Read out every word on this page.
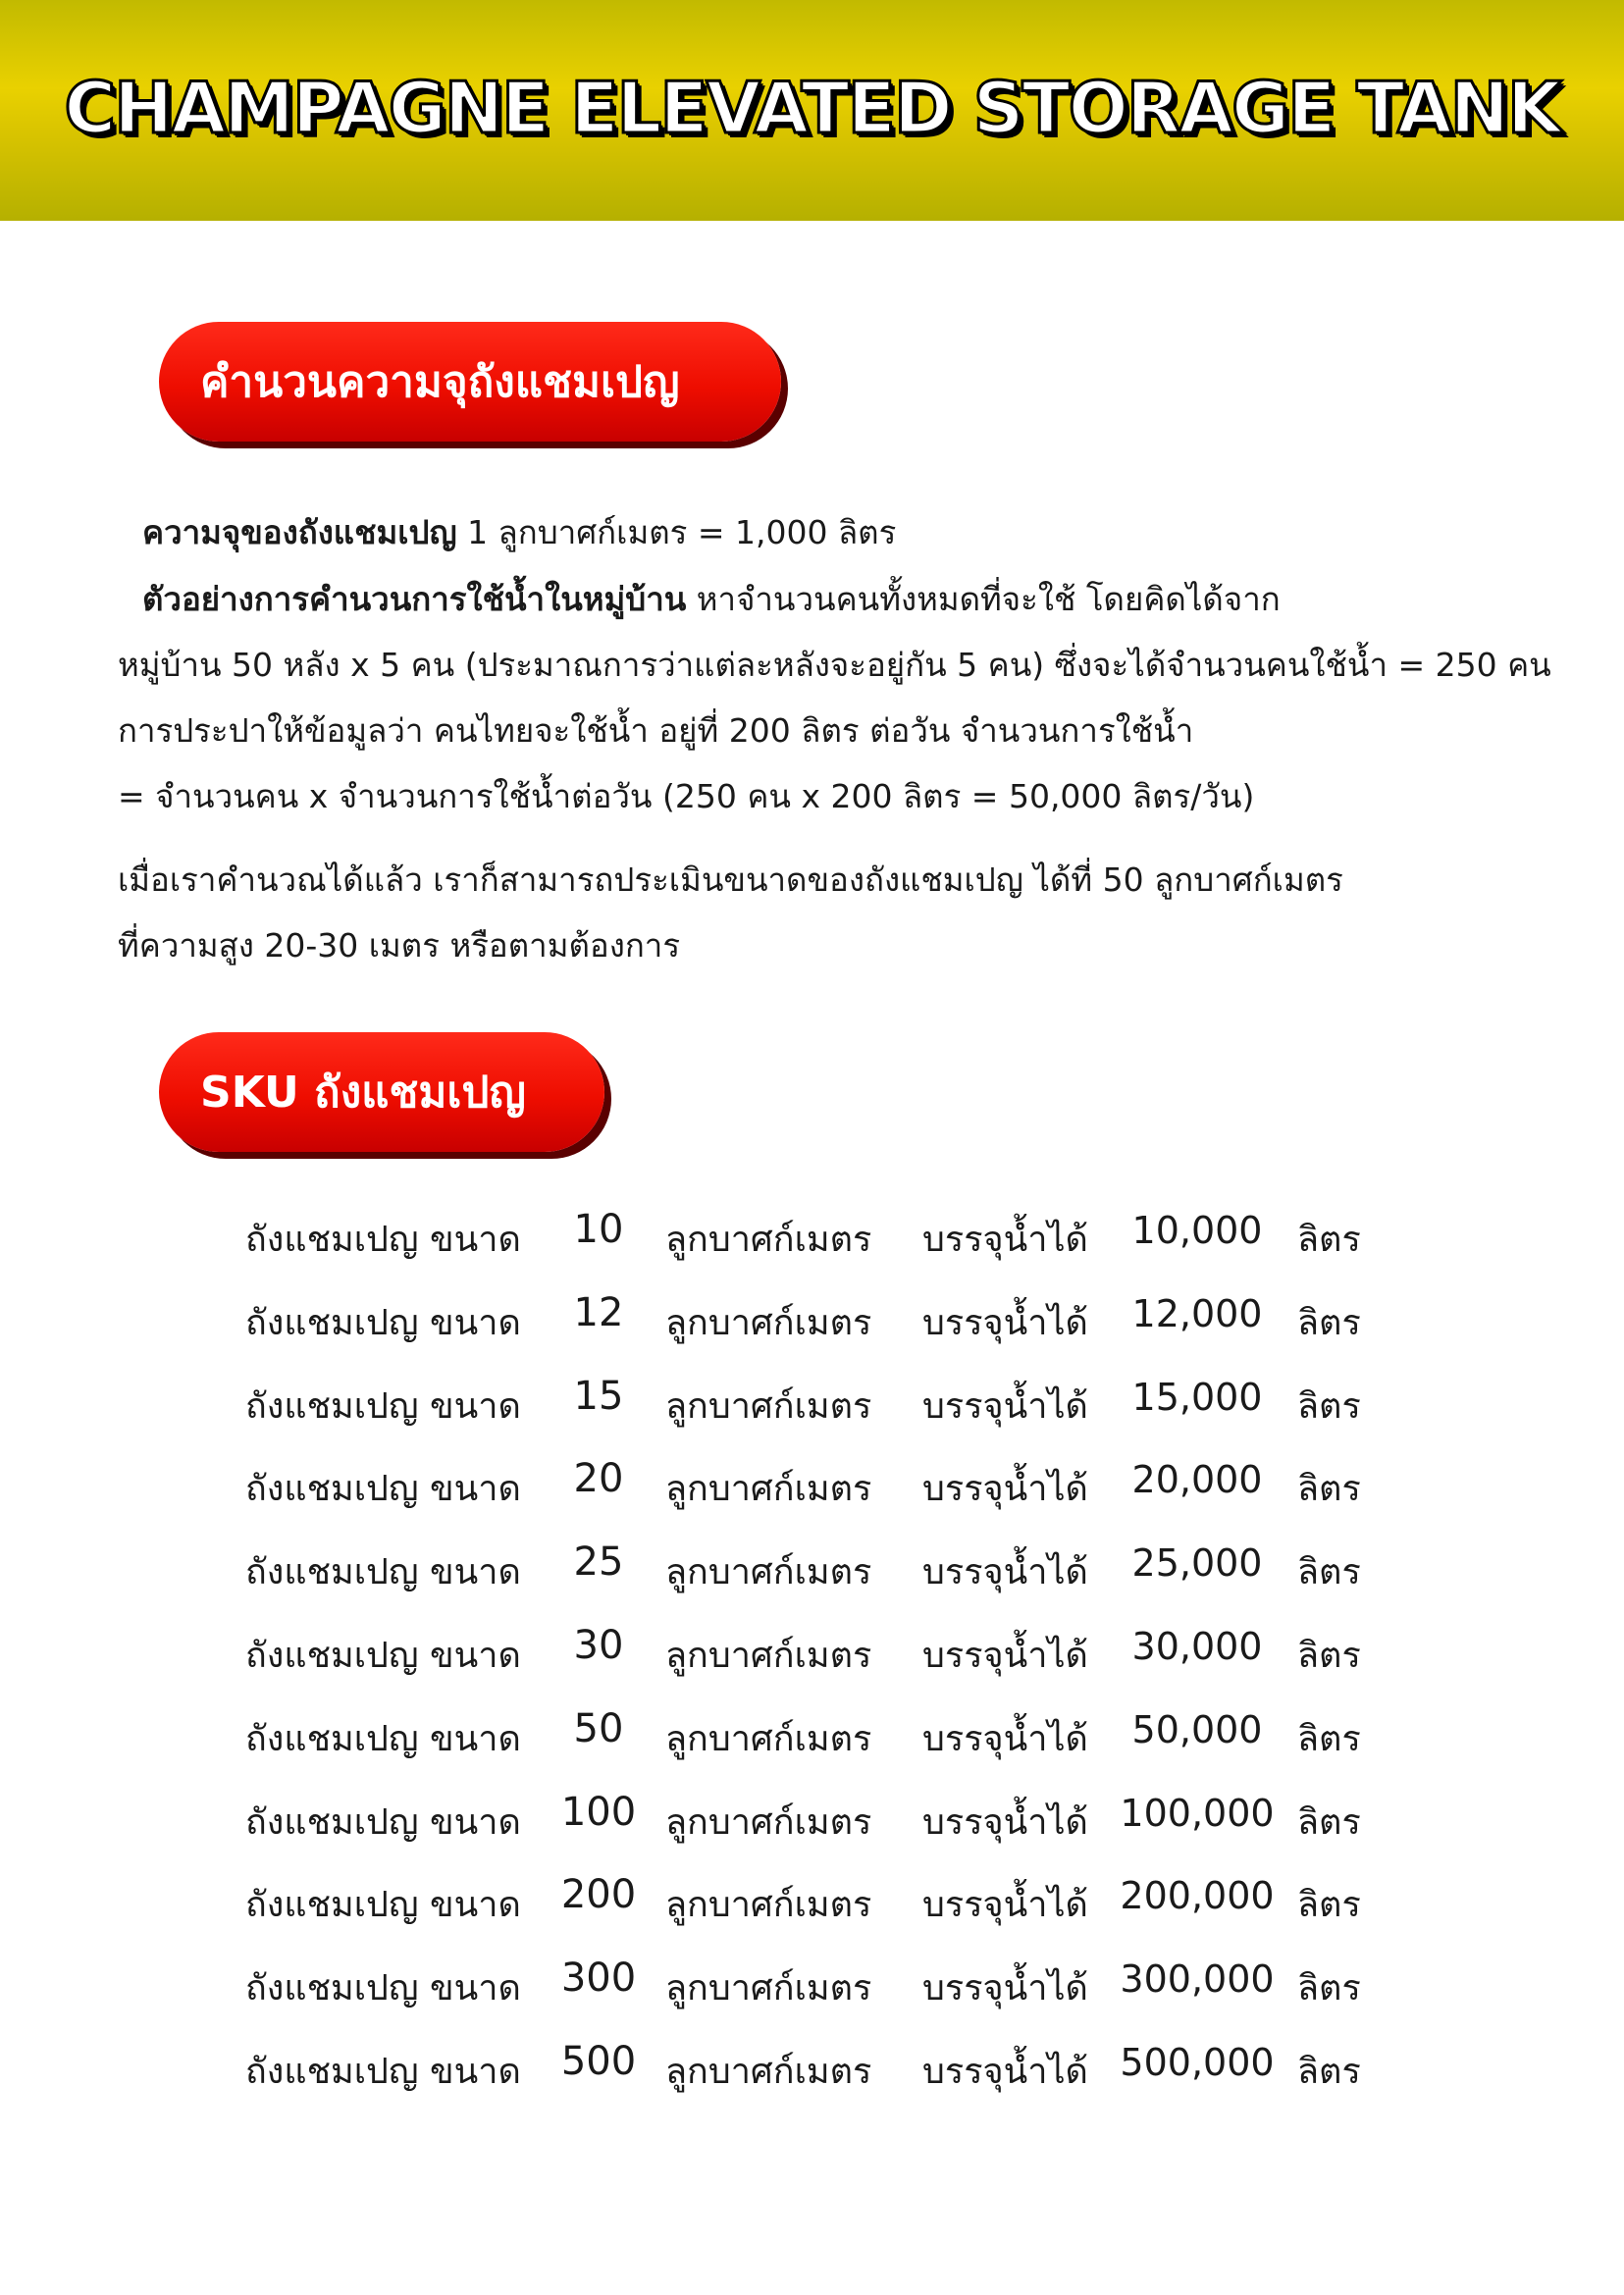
CHAMPAGNE ELEVATED STORAGE TANK
คำนวนความจุถังแชมเปญ
ความจุของถังแชมเปญ 1 ลูกบาศก์เมตร = 1,000 ลิตร
ตัวอย่างการคำนวนการใช้น้ำในหมู่บ้าน หาจำนวนคนทั้งหมดที่จะใช้ โดยคิดได้จาก
หมู่บ้าน 50 หลัง x 5 คน (ประมาณการว่าแต่ละหลังจะอยู่กัน 5 คน) ซึ่งจะได้จำนวนคนใช้น้ำ = 250 คน
การประปาให้ข้อมูลว่า คนไทยจะใช้น้ำ อยู่ที่ 200 ลิตร ต่อวัน จำนวนการใช้น้ำ
= จำนวนคน x จำนวนการใช้น้ำต่อวัน (250 คน x 200 ลิตร = 50,000 ลิตร/วัน)
เมื่อเราคำนวณได้แล้ว เราก็สามารถประเมินขนาดของถังแชมเปญ ได้ที่ 50 ลูกบาศก์เมตร
ที่ความสูง 20-30 เมตร หรือตามต้องการ
SKU ถังแชมเปญ
ถังแชมเปญ ขนาด	10	ลูกบาศก์เมตร บรรจุน้ำได้	10,000 ลิตร
ถังแชมเปญ ขนาด	12	ลูกบาศก์เมตร บรรจุน้ำได้	12,000 ลิตร
ถังแชมเปญ ขนาด	15	ลูกบาศก์เมตร บรรจุน้ำได้	15,000 ลิตร
ถังแชมเปญ ขนาด	20	ลูกบาศก์เมตร บรรจุน้ำได้	20,000 ลิตร
ถังแชมเปญ ขนาด	25	ลูกบาศก์เมตร บรรจุน้ำได้	25,000 ลิตร
ถังแชมเปญ ขนาด	30	ลูกบาศก์เมตร บรรจุน้ำได้	30,000 ลิตร
ถังแชมเปญ ขนาด	50	ลูกบาศก์เมตร บรรจุน้ำได้	50,000 ลิตร
ถังแชมเปญ ขนาด 100 ลูกบาศก์เมตร บรรจุน้ำได้ 100,000 ลิตร
ถังแชมเปญ ขนาด 200 ลูกบาศก์เมตร บรรจุน้ำได้ 200,000 ลิตร
ถังแชมเปญ ขนาด 300 ลูกบาศก์เมตร บรรจุน้ำได้ 300,000 ลิตร
ถังแชมเปญ ขนาด 500 ลูกบาศก์เมตร บรรจุน้ำได้ 500,000 ลิตร
